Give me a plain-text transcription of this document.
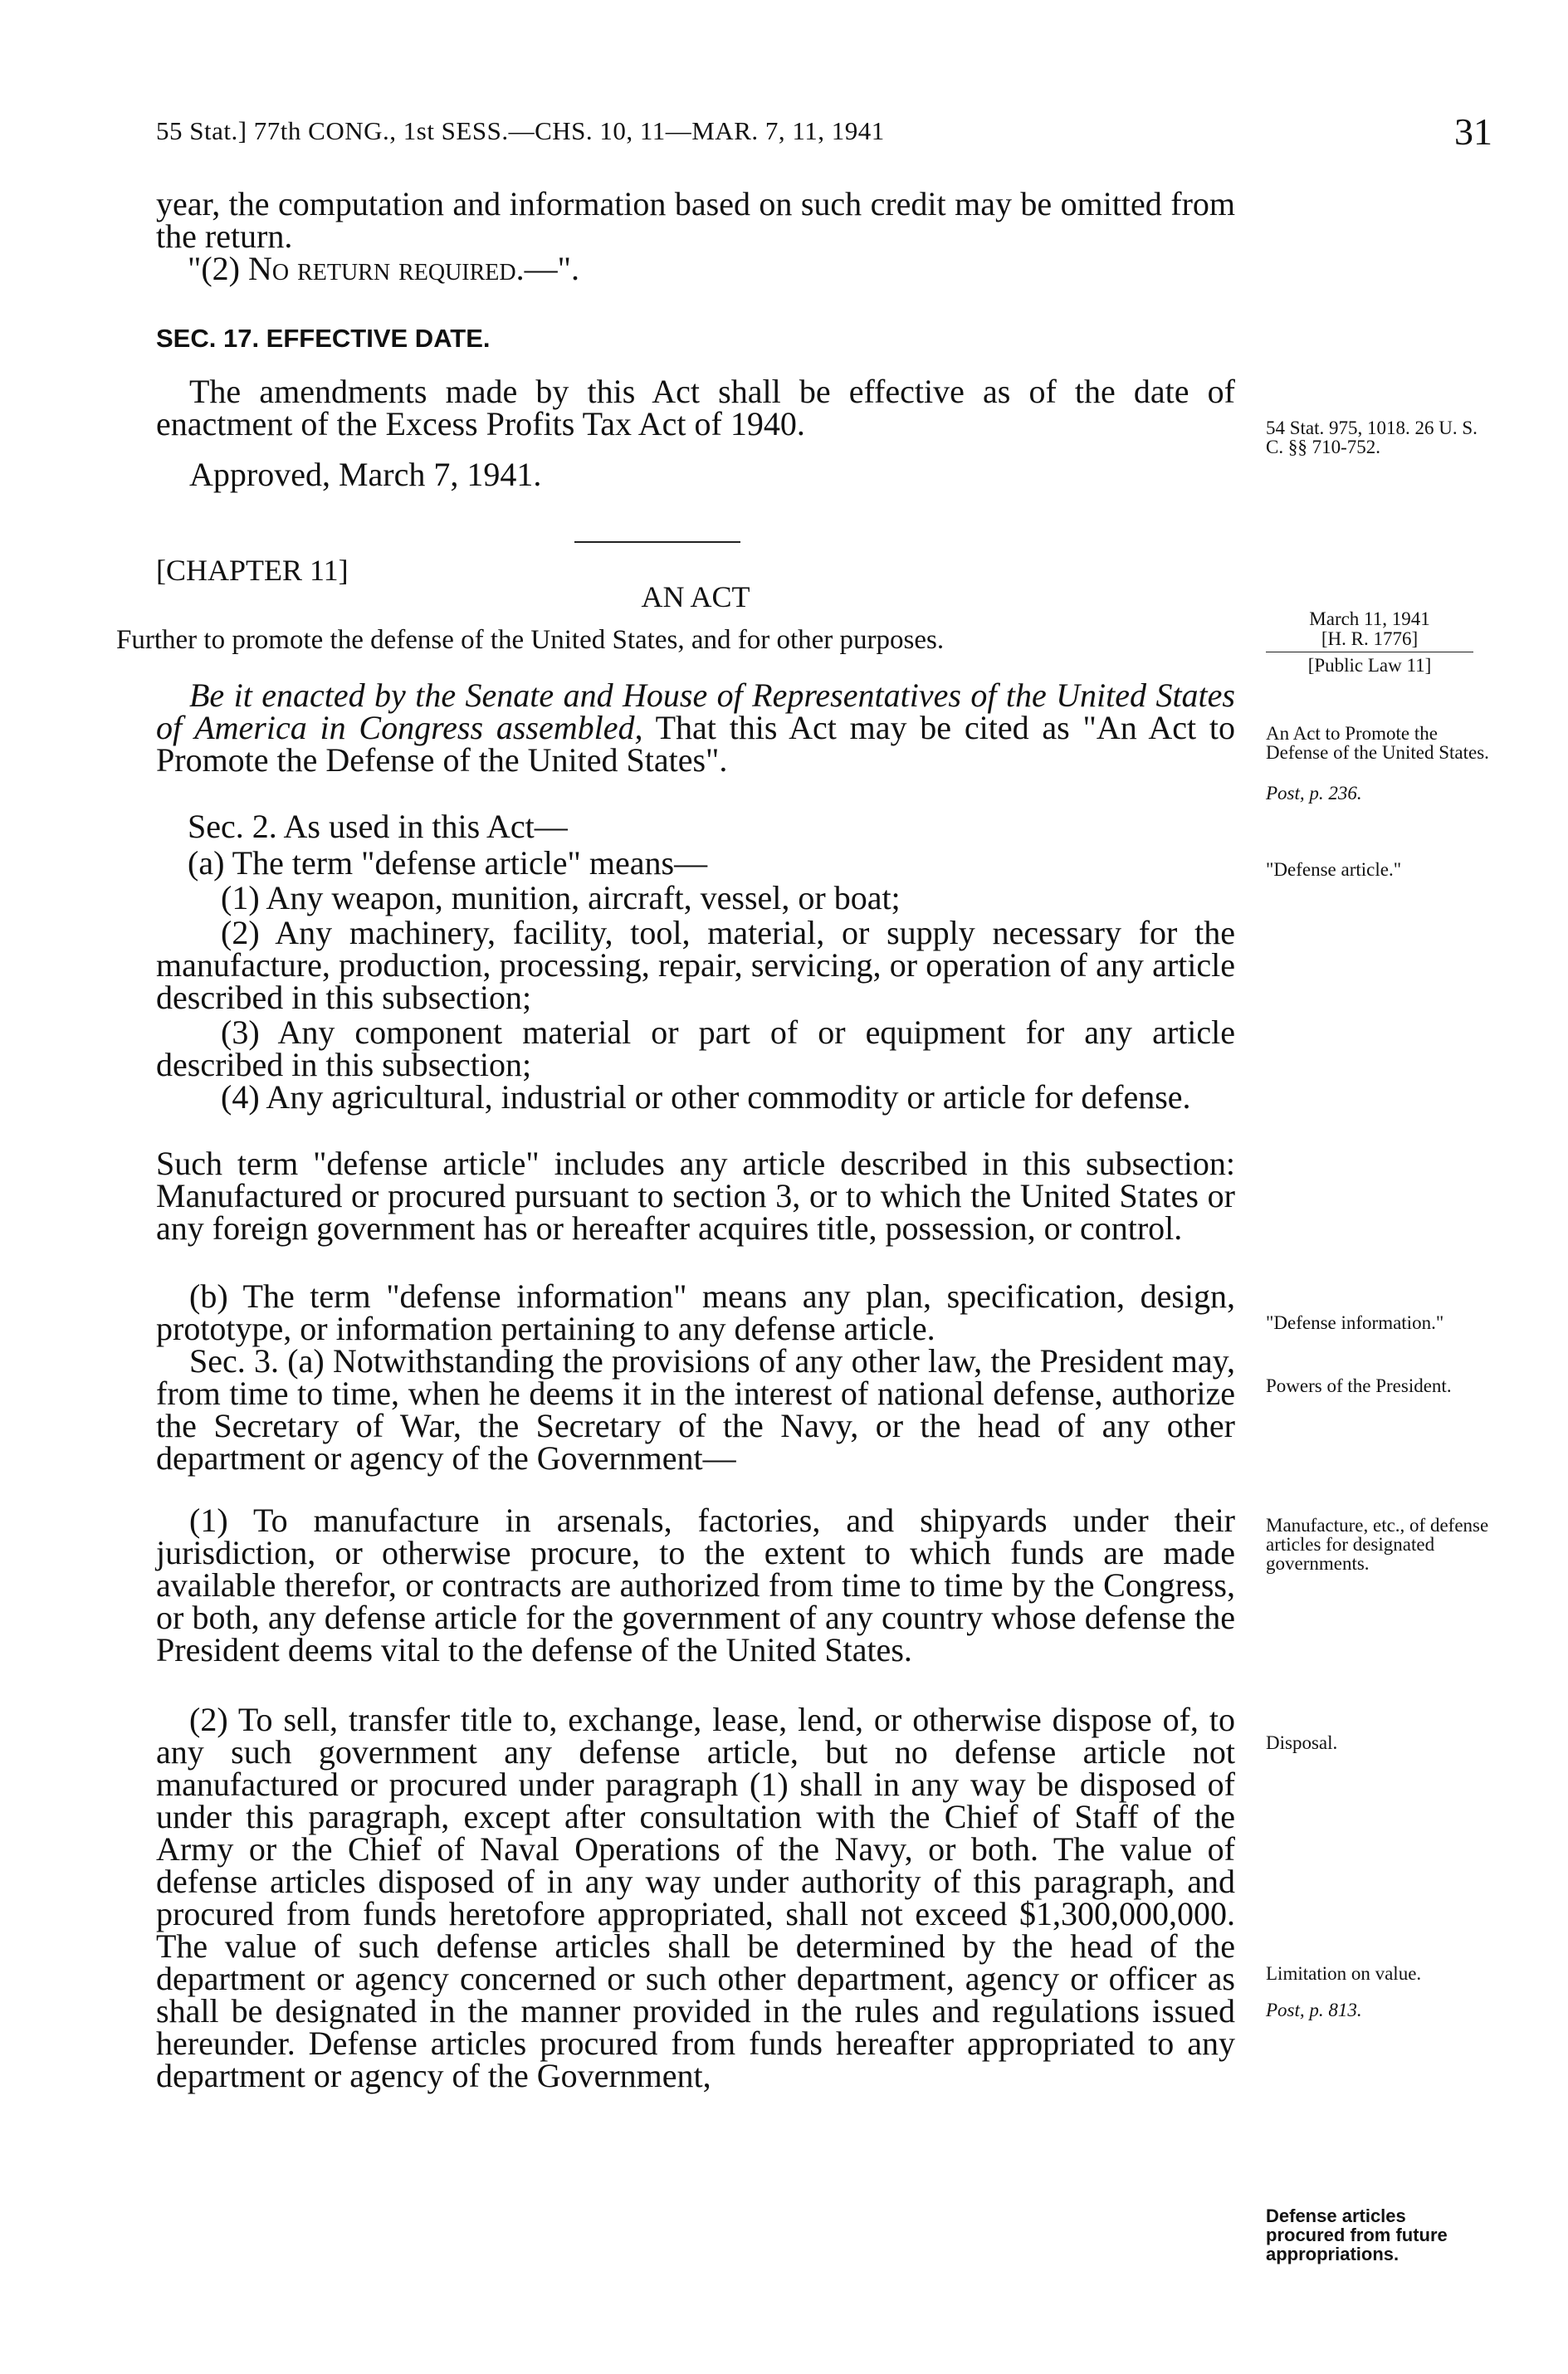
55 Stat.] 77th CONG., 1st SESS.—CHS. 10, 11—MAR. 7, 11, 1941	31

year, the computation and information based on such credit may be omitted from the return.

"(2) No return required.—".

SEC. 17. EFFECTIVE DATE.

The amendments made by this Act shall be effective as of the date of enactment of the Excess Profits Tax Act of 1940.

Approved, March 7, 1941.

[CHAPTER 11]

AN ACT

Further to promote the defense of the United States, and for other purposes.

Be it enacted by the Senate and House of Representatives of the United States of America in Congress assembled, That this Act may be cited as "An Act to Promote the Defense of the United States".

Sec. 2. As used in this Act—

(a) The term "defense article" means—

(1) Any weapon, munition, aircraft, vessel, or boat;

(2) Any machinery, facility, tool, material, or supply necessary for the manufacture, production, processing, repair, servicing, or operation of any article described in this subsection;

(3) Any component material or part of or equipment for any article described in this subsection;

(4) Any agricultural, industrial or other commodity or article for defense.

Such term "defense article" includes any article described in this subsection: Manufactured or procured pursuant to section 3, or to which the United States or any foreign government has or hereafter acquires title, possession, or control.

(b) The term "defense information" means any plan, specification, design, prototype, or information pertaining to any defense article.

Sec. 3. (a) Notwithstanding the provisions of any other law, the President may, from time to time, when he deems it in the interest of national defense, authorize the Secretary of War, the Secretary of the Navy, or the head of any other department or agency of the Government—

(1) To manufacture in arsenals, factories, and shipyards under their jurisdiction, or otherwise procure, to the extent to which funds are made available therefor, or contracts are authorized from time to time by the Congress, or both, any defense article for the government of any country whose defense the President deems vital to the defense of the United States.

(2) To sell, transfer title to, exchange, lease, lend, or otherwise dispose of, to any such government any defense article, but no defense article not manufactured or procured under paragraph (1) shall in any way be disposed of under this paragraph, except after consultation with the Chief of Staff of the Army or the Chief of Naval Operations of the Navy, or both. The value of defense articles disposed of in any way under authority of this paragraph, and procured from funds heretofore appropriated, shall not exceed $1,300,000,000. The value of such defense articles shall be determined by the head of the department or agency concerned or such other department, agency or officer as shall be designated in the manner provided in the rules and regulations issued hereunder. Defense articles procured from funds hereafter appropriated to any department or agency of the Government,

54 Stat. 975, 1018. 26 U. S. C. §§ 710-752.

March 11, 1941

[H. R. 1776]

[Public Law 11]

An Act to Promote the Defense of the United States.

Post, p. 236.

"Defense article."

"Defense information."

Powers of the President.

Manufacture, etc., of defense articles for designated governments.

Disposal.

Limitation on value.

Post, p. 813.

Defense articles procured from future appropriations.
